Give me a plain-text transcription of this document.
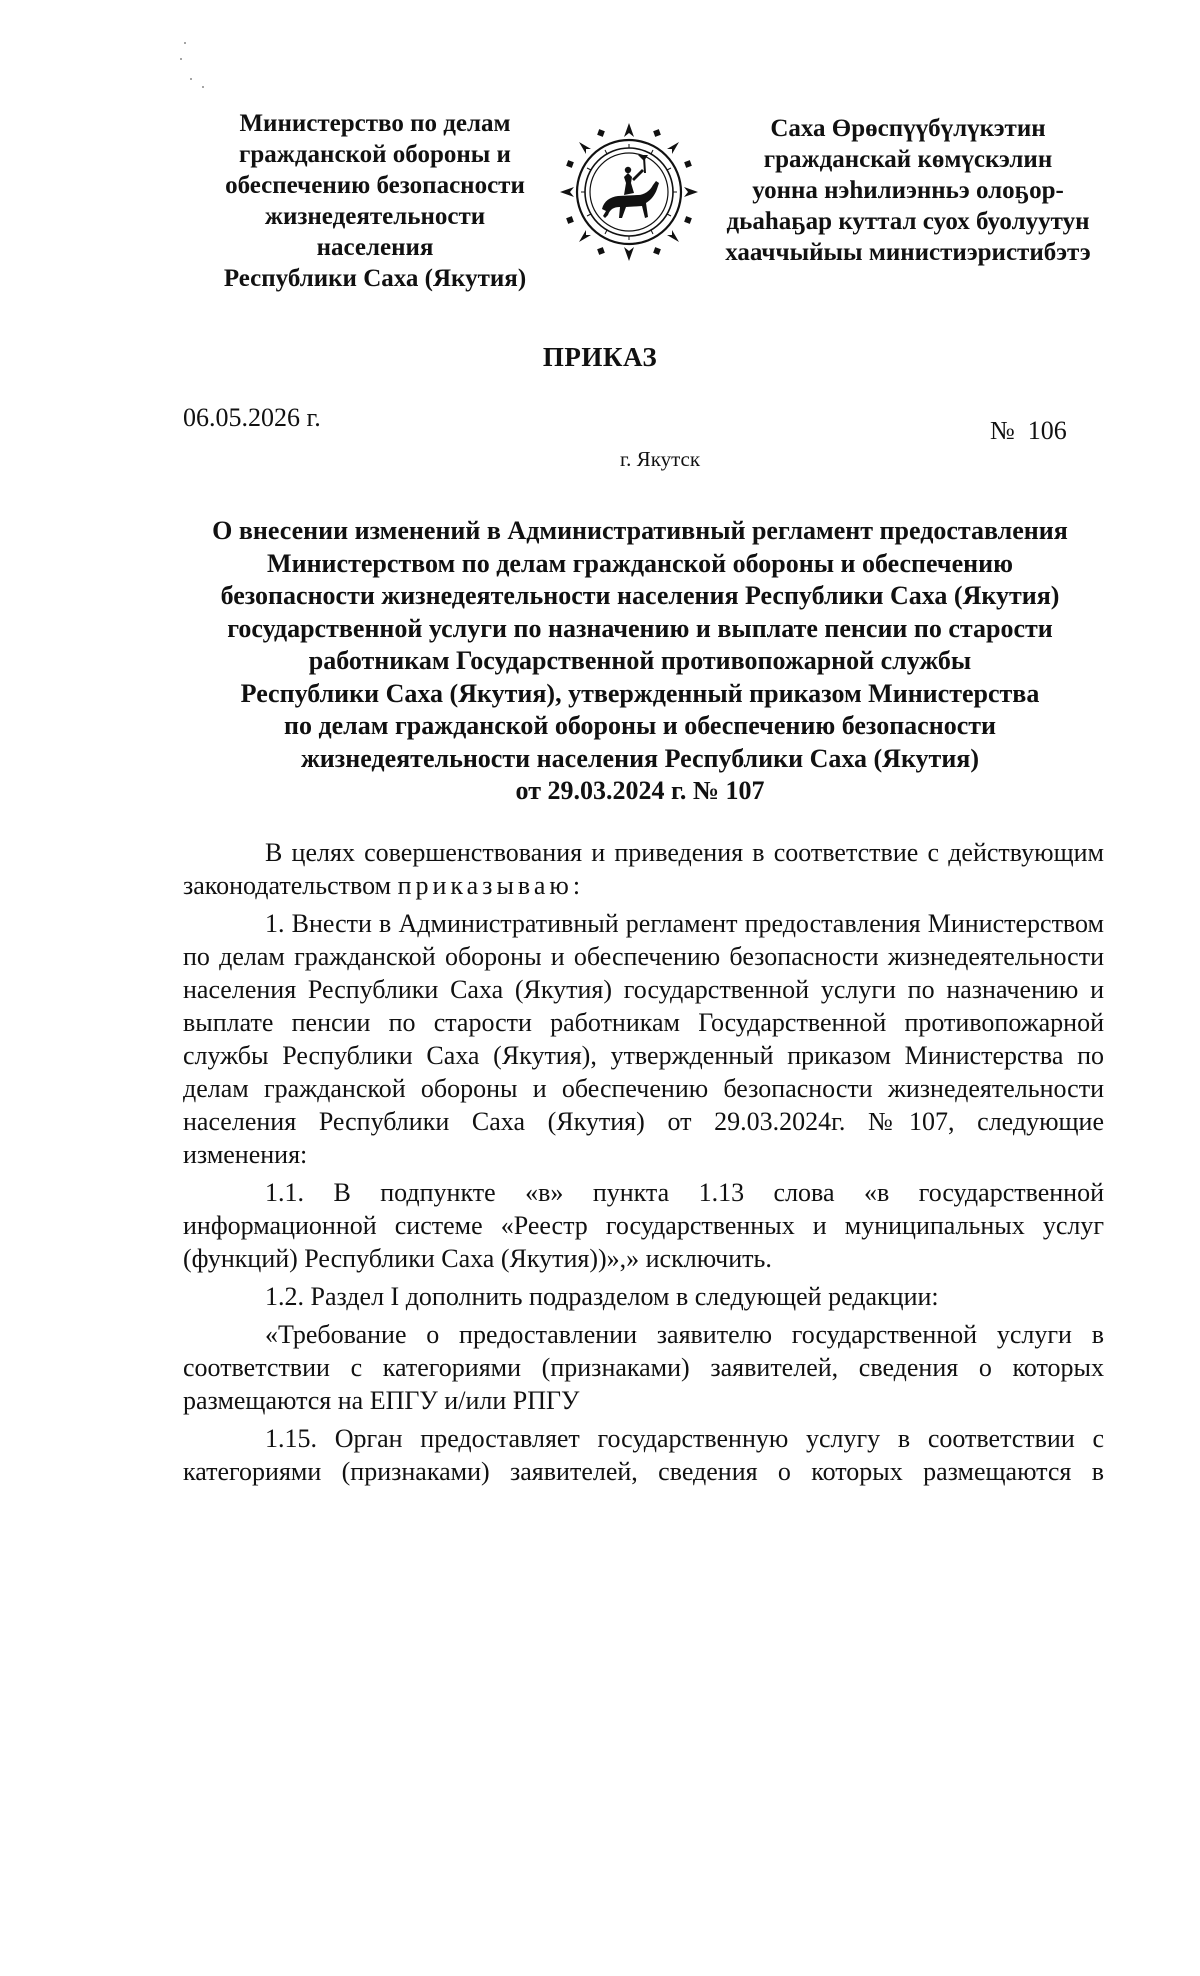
Министерство по делам
гражданской обороны и
обеспечению безопасности
жизнедеятельности населения
Республики Саха (Якутия)
Саха Өрөспүүбүлүкэтин
гражданскай көмүскэлин
уонна нэһилиэнньэ олоҕор-
дьаһаҕар куттал суох буолуутун
хааччыйыы министиэристибэтэ
ПРИКАЗ
06.05.2026 г.	№  106
г. Якутск
О внесении изменений в Административный регламент предоставления
Министерством по делам гражданской обороны и обеспечению
безопасности жизнедеятельности населения Республики Саха (Якутия)
государственной услуги по назначению и выплате пенсии по старости
работникам Государственной противопожарной службы
Республики Саха (Якутия), утвержденный приказом Министерства
по делам гражданской обороны и обеспечению безопасности
жизнедеятельности населения Республики Саха (Якутия)
от 29.03.2024 г. № 107

В целях совершенствования и приведения в соответствие с действующим законодательством приказываю:

1. Внести в Административный регламент предоставления Министерством по делам гражданской обороны и обеспечению безопасности жизнедеятельности населения Республики Саха (Якутия) государственной услуги по назначению и выплате пенсии по старости работникам Государственной противопожарной службы Республики Саха (Якутия), утвержденный приказом Министерства по делам гражданской обороны и обеспечению безопасности жизнедеятельности населения Республики Саха (Якутия) от 29.03.2024г. №107, следующие изменения:

1.1. В подпункте «в» пункта 1.13 слова «в государственной информационной системе «Реестр государственных и муниципальных услуг (функций) Республики Саха (Якутия))»,» исключить.

1.2. Раздел I дополнить подразделом в следующей редакции:

«Требование о предоставлении заявителю государственной услуги в соответствии с категориями (признаками) заявителей, сведения о которых размещаются на ЕПГУ и/или РПГУ

1.15. Орган предоставляет государственную услугу в соответствии с категориями (признаками) заявителей, сведения о которых размещаются в
